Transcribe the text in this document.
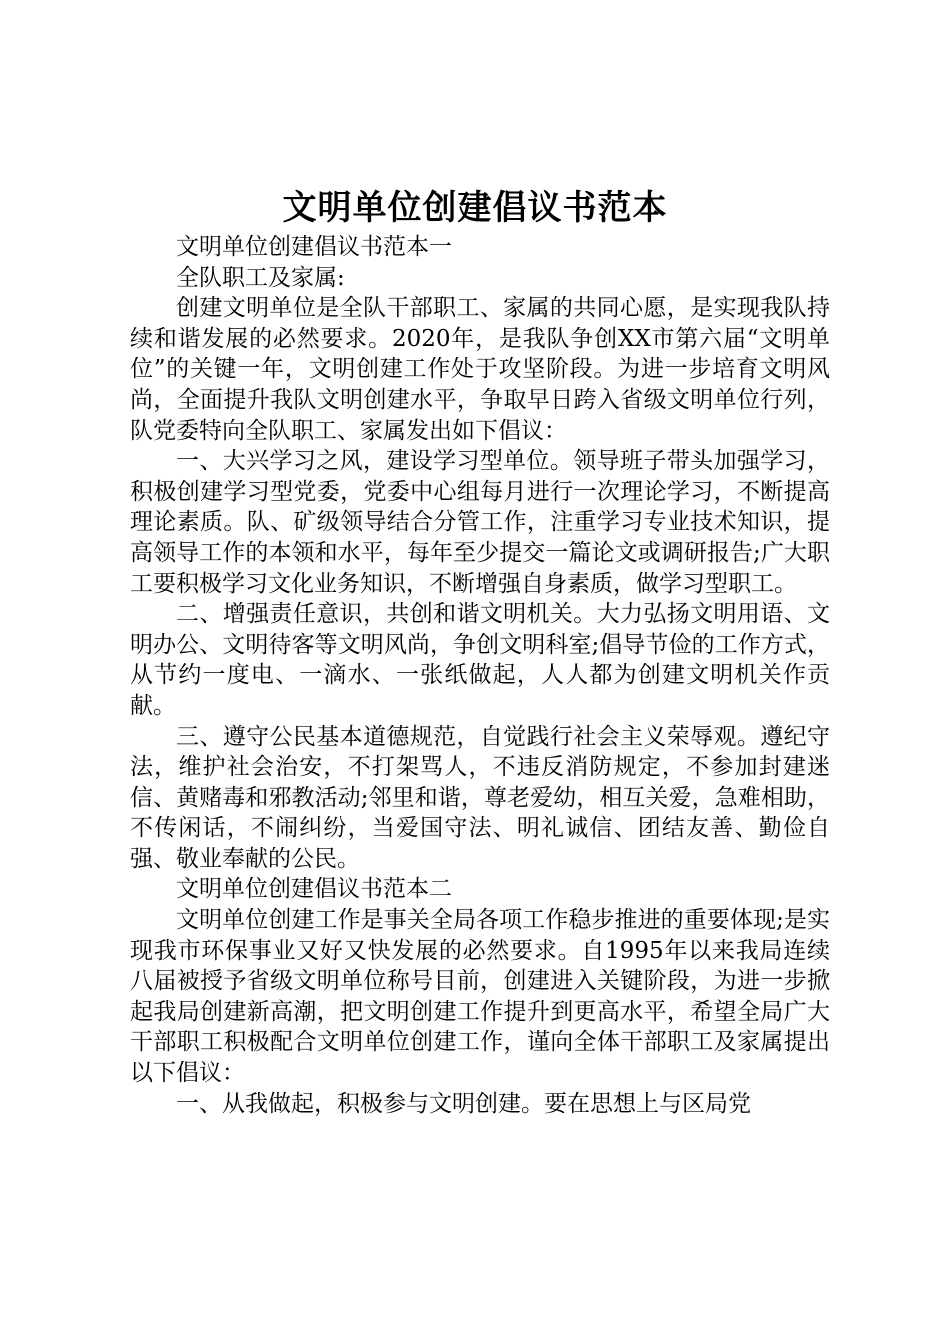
文明单位创建倡议书范本

文明单位创建倡议书范本一

全队职工及家属:

创建文明单位是全队干部职工、家属的共同心愿，是实现我队持续和谐发展的必然要求。2020年，是我队争创XX市第六届“文明单位”的关键一年，文明创建工作处于攻坚阶段。为进一步培育文明风尚，全面提升我队文明创建水平，争取早日跨入省级文明单位行列，队党委特向全队职工、家属发出如下倡议：

一、大兴学习之风，建设学习型单位。领导班子带头加强学习，积极创建学习型党委，党委中心组每月进行一次理论学习，不断提高理论素质。队、矿级领导结合分管工作，注重学习专业技术知识，提高领导工作的本领和水平，每年至少提交一篇论文或调研报告;广大职工要积极学习文化业务知识，不断增强自身素质，做学习型职工。

二、增强责任意识，共创和谐文明机关。大力弘扬文明用语、文明办公、文明待客等文明风尚，争创文明科室;倡导节俭的工作方式，从节约一度电、一滴水、一张纸做起，人人都为创建文明机关作贡献。

三、遵守公民基本道德规范，自觉践行社会主义荣辱观。遵纪守法，维护社会治安，不打架骂人，不违反消防规定，不参加封建迷信、黄赌毒和邪教活动;邻里和谐，尊老爱幼，相互关爱，急难相助，不传闲话，不闹纠纷，当爱国守法、明礼诚信、团结友善、勤俭自强、敬业奉献的公民。

文明单位创建倡议书范本二

文明单位创建工作是事关全局各项工作稳步推进的重要体现;是实现我市环保事业又好又快发展的必然要求。自1995年以来我局连续八届被授予省级文明单位称号目前，创建进入关键阶段，为进一步掀起我局创建新高潮，把文明创建工作提升到更高水平，希望全局广大干部职工积极配合文明单位创建工作，谨向全体干部职工及家属提出以下倡议：

一、从我做起，积极参与文明创建。要在思想上与区局党
